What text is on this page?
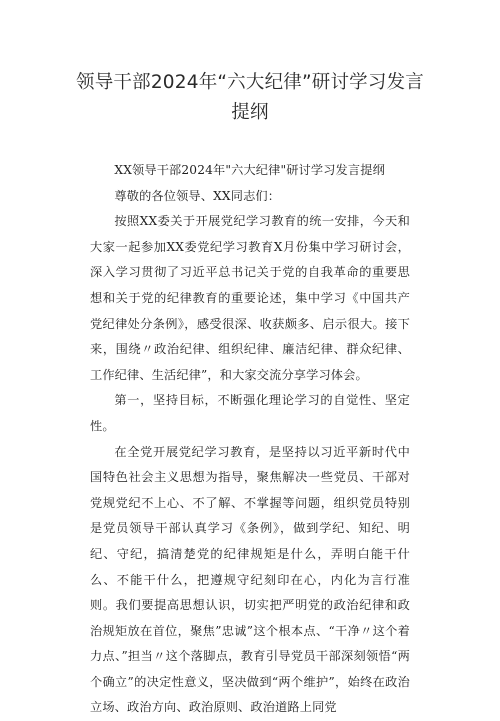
领导干部2024年“六大纪律”研讨学习发言提纲

XX领导干部2024年"六大纪律"研讨学习发言提纲

尊敬的各位领导、XX同志们：

按照XX委关于开展党纪学习教育的统一安排，今天和大家一起参加XX委党纪学习教育X月份集中学习研讨会，深入学习贯彻了习近平总书记关于党的自我革命的重要思想和关于党的纪律教育的重要论述，集中学习《中国共产党纪律处分条例》，感受很深、收获颇多、启示很大。接下来，围绕〃政治纪律、组织纪律、廉洁纪律、群众纪律、工作纪律、生活纪律”，和大家交流分享学习体会。

第一，坚持目标，不断强化理论学习的自觉性、坚定性。

在全党开展党纪学习教育，是坚持以习近平新时代中国特色社会主义思想为指导，聚焦解决一些党员、干部对党规党纪不上心、不了解、不掌握等问题，组织党员特别是党员领导干部认真学习《条例》，做到学纪、知纪、明纪、守纪，搞清楚党的纪律规矩是什么，弄明白能干什么、不能干什么，把遵规守纪刻印在心，内化为言行准则。我们要提高思想认识，切实把严明党的政治纪律和政治规矩放在首位，聚焦”忠诚”这个根本点、“干净〃这个着力点、”担当〃这个落脚点，教育引导党员干部深刻领悟“两个确立”的决定性意义，坚决做到“两个维护”，始终在政治立场、政治方向、政治原则、政治道路上同党
